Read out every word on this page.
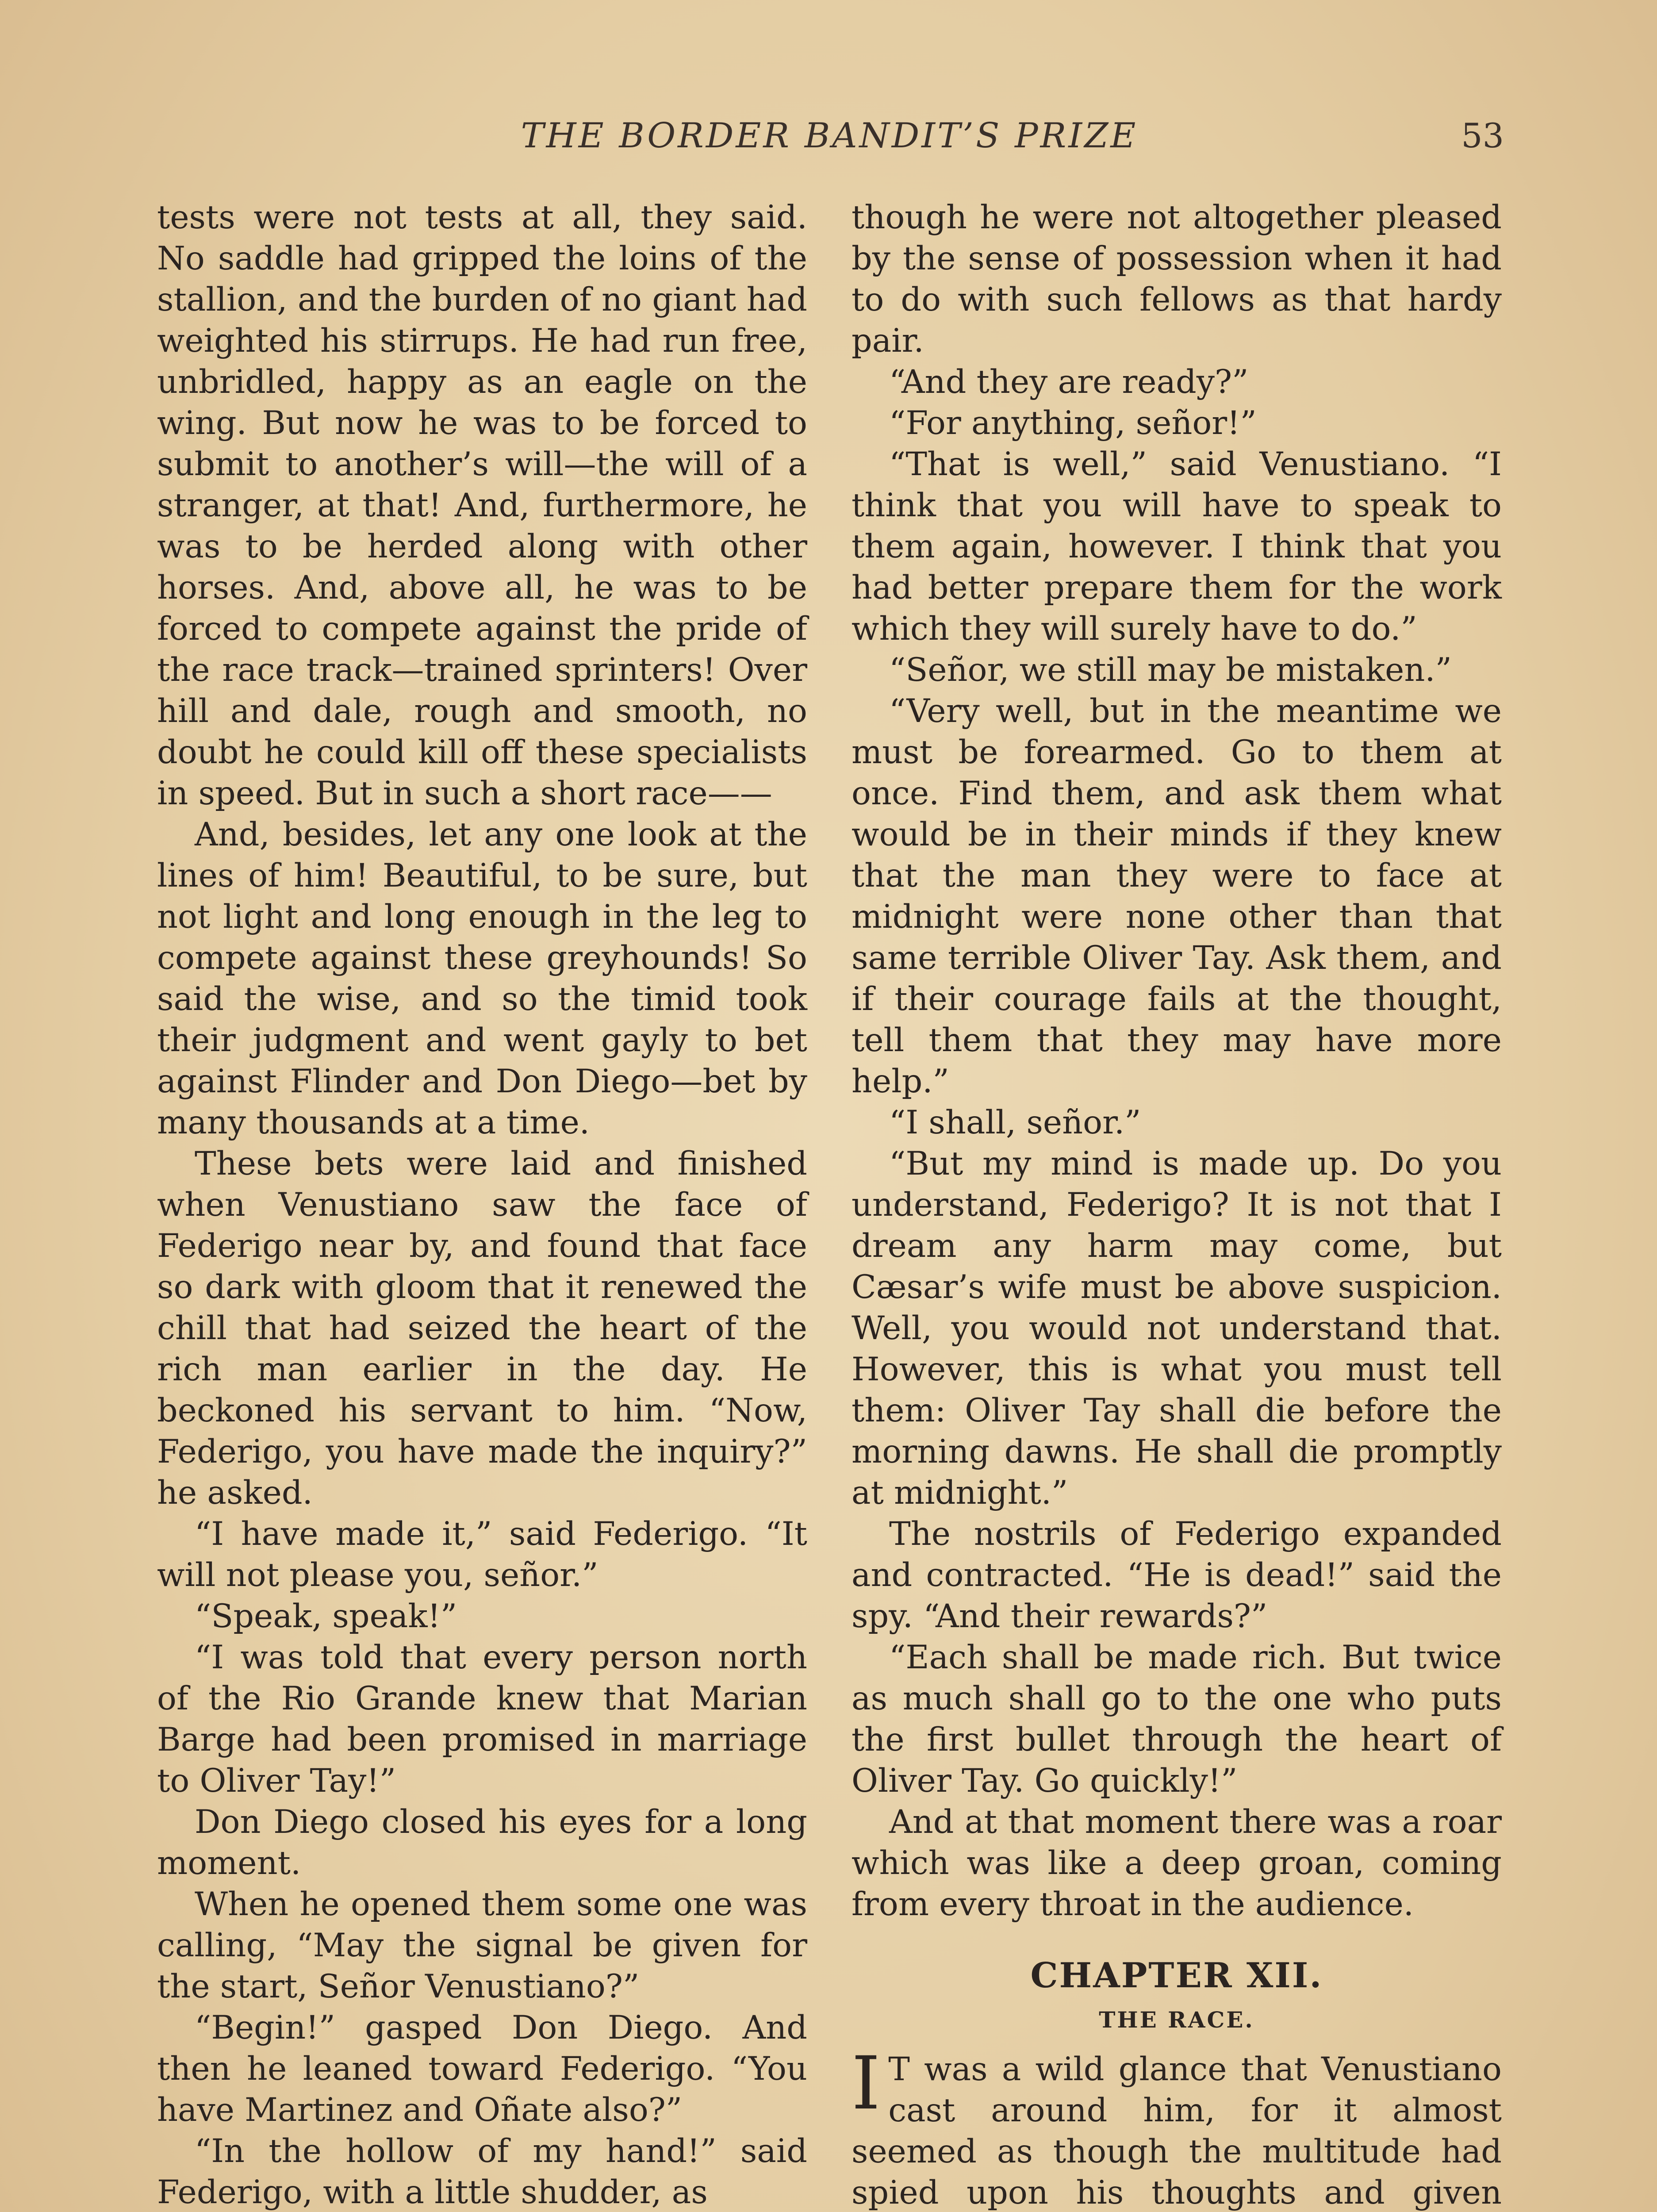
THE BORDER BANDIT’S PRIZE	53

tests were not tests at all, they said. No saddle had gripped the loins of the stallion, and the burden of no giant had weighted his stirrups. He had run free, unbridled, happy as an eagle on the wing. But now he was to be forced to submit to another’s will—the will of a stranger, at that! And, furthermore, he was to be herded along with other horses. And, above all, he was to be forced to compete against the pride of the race track—trained sprinters! Over hill and dale, rough and smooth, no doubt he could kill off these specialists in speed. But in such a short race——

And, besides, let any one look at the lines of him! Beautiful, to be sure, but not light and long enough in the leg to compete against these greyhounds! So said the wise, and so the timid took their judgment and went gayly to bet against Flinder and Don Diego—bet by many thousands at a time.

These bets were laid and finished when Venustiano saw the face of Federigo near by, and found that face so dark with gloom that it renewed the chill that had seized the heart of the rich man earlier in the day. He beckoned his servant to him. “Now, Federigo, you have made the inquiry?” he asked.

“I have made it,” said Federigo. “It will not please you, señor.”

“Speak, speak!”

“I was told that every person north of the Rio Grande knew that Marian Barge had been promised in marriage to Oliver Tay!”

Don Diego closed his eyes for a long moment.

When he opened them some one was calling, “May the signal be given for the start, Señor Venustiano?”

“Begin!” gasped Don Diego. And then he leaned toward Federigo. “You have Martinez and Oñate also?”

“In the hollow of my hand!” said Federigo, with a little shudder, as

though he were not altogether pleased by the sense of possession when it had to do with such fellows as that hardy pair.

“And they are ready?”

“For anything, señor!”

“That is well,” said Venustiano. “I think that you will have to speak to them again, however. I think that you had better prepare them for the work which they will surely have to do.”

“Señor, we still may be mistaken.”

“Very well, but in the meantime we must be forearmed. Go to them at once. Find them, and ask them what would be in their minds if they knew that the man they were to face at midnight were none other than that same terrible Oliver Tay. Ask them, and if their courage fails at the thought, tell them that they may have more help.”

“I shall, señor.”

“But my mind is made up. Do you understand, Federigo? It is not that I dream any harm may come, but Cæsar’s wife must be above suspicion. Well, you would not understand that. However, this is what you must tell them: Oliver Tay shall die before the morning dawns. He shall die promptly at midnight.”

The nostrils of Federigo expanded and contracted. “He is dead!” said the spy. “And their rewards?”

“Each shall be made rich. But twice as much shall go to the one who puts the first bullet through the heart of Oliver Tay. Go quickly!”

And at that moment there was a roar which was like a deep groan, coming from every throat in the audience.

CHAPTER XII.
THE RACE.

I T was a wild glance that Venustiano cast around him, for it almost seemed as though the multitude had spied upon his thoughts and given
